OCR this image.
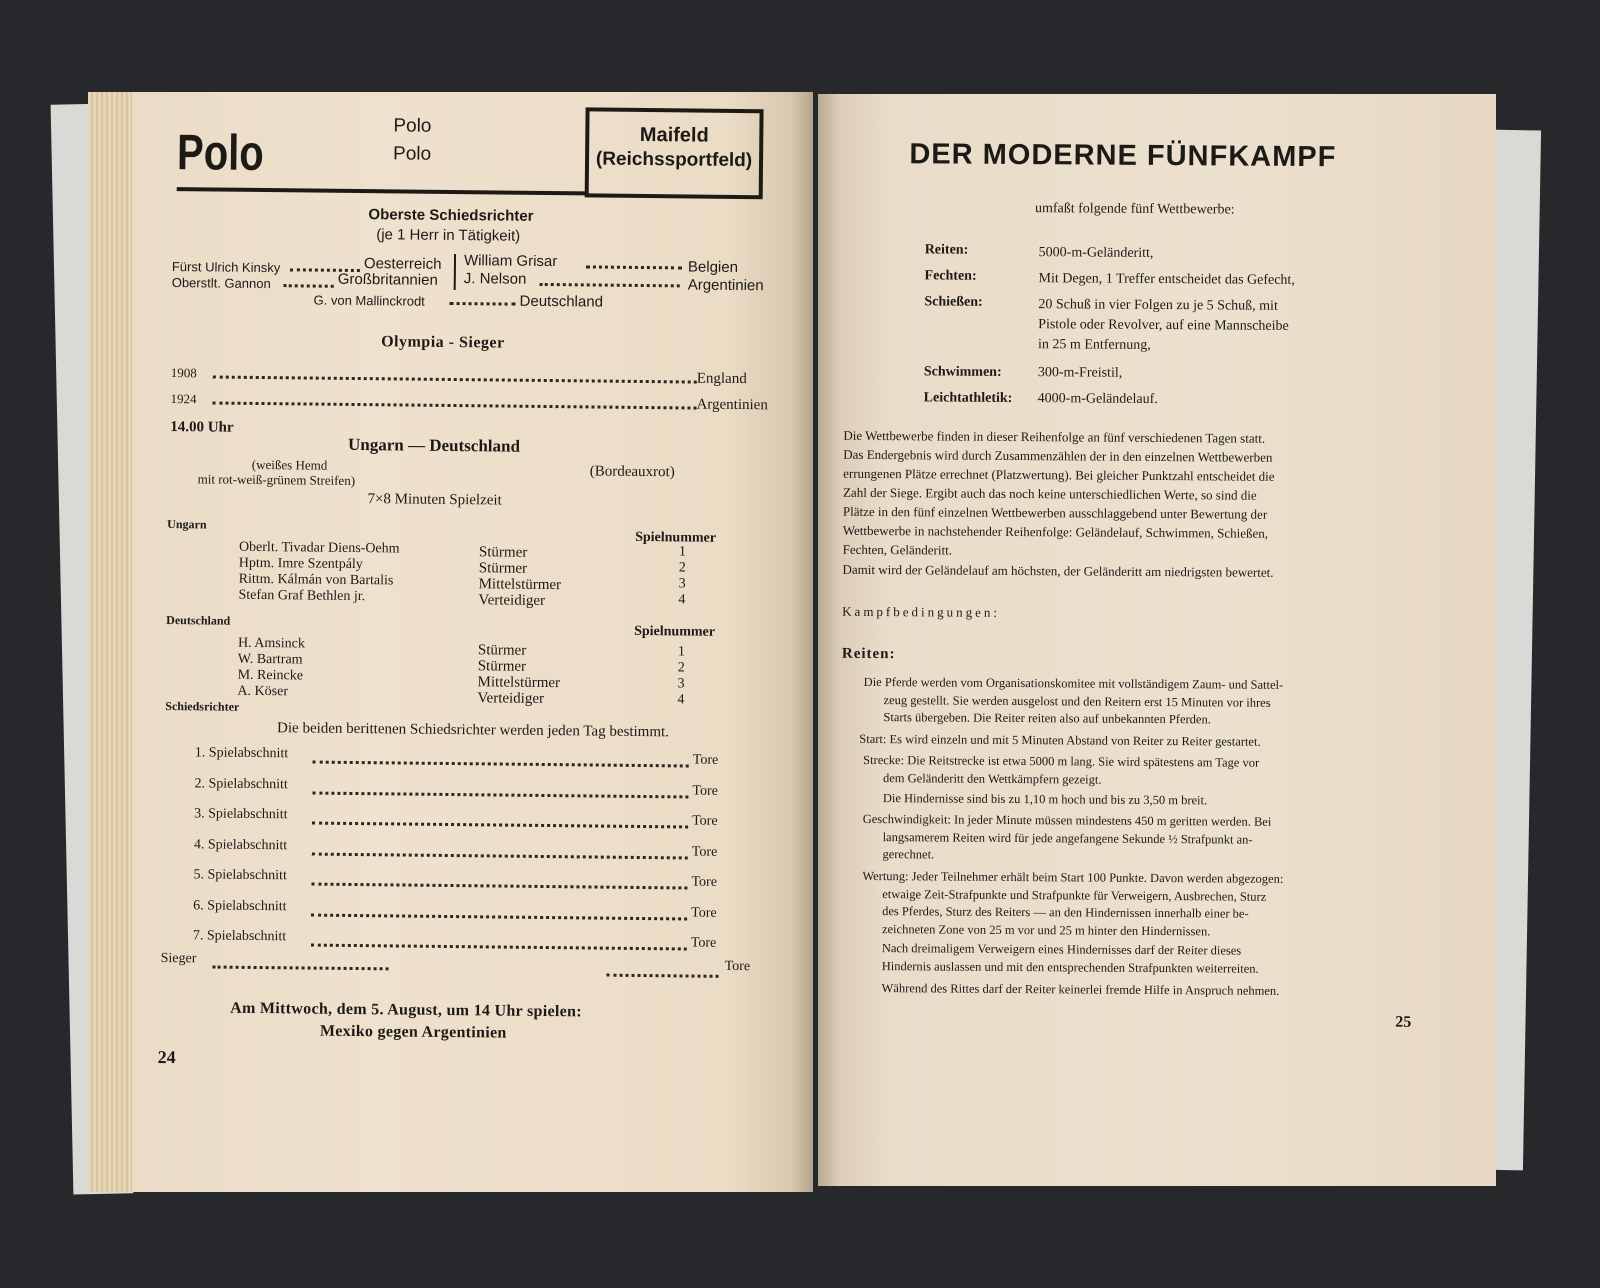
Polo	Polo
Polo
Maifeld
(Reichssportfeld)
Oberste Schiedsrichter
(je 1 Herr in Tätigkeit)
Fürst Ulrich Kinsky	Oesterreich
Oberstlt. Gannon	Großbritannien
William Grisar	Belgien
J. Nelson	Argentinien
G. von Mallinckrodt	Deutschland
Olympia - Sieger
1908	England
1924	Argentinien
14.00 Uhr
Ungarn — Deutschland
(weißes Hemd
mit rot-weiß-grünem Streifen)	(Bordeauxrot)
7×8 Minuten Spielzeit
Ungarn
Spielnummer
Oberlt. Tivadar Diens-Oehm	Stürmer	1
Hptm. Imre Szentpály	Stürmer	2
Rittm. Kálmán von Bartalis	Mittelstürmer	3
Stefan Graf Bethlen jr.	Verteidiger	4
Deutschland
Spielnummer
H. Amsinck	Stürmer	1
W. Bartram	Stürmer	2
M. Reincke	Mittelstürmer	3
A. Köser	Verteidiger	4
Schiedsrichter
Die beiden berittenen Schiedsrichter werden jeden Tag bestimmt.
1. Spielabschnitt	Tore
2. Spielabschnitt	Tore
3. Spielabschnitt	Tore
4. Spielabschnitt	Tore
5. Spielabschnitt	Tore
6. Spielabschnitt	Tore
7. Spielabschnitt	Tore
Sieger
Tore
Am Mittwoch, dem 5. August, um 14 Uhr spielen:
Mexiko gegen Argentinien
24
DER MODERNE FÜNFKAMPF
umfaßt folgende fünf Wettbewerbe:
Reiten:	5000-m-Geländeritt,
Fechten:	Mit Degen, 1 Treffer entscheidet das Gefecht,
Schießen:	20 Schuß in vier Folgen zu je 5 Schuß, mit
Pistole oder Revolver, auf eine Mannscheibe
in 25 m Entfernung,
Schwimmen:	300-m-Freistil,
Leichtathletik: 4000-m-Geländelauf.
Die Wettbewerbe finden in dieser Reihenfolge an fünf verschiedenen Tagen statt.
Das Endergebnis wird durch Zusammenzählen der in den einzelnen Wettbewerben
errungenen Plätze errechnet (Platzwertung). Bei gleicher Punktzahl entscheidet die
Zahl der Siege. Ergibt auch das noch keine unterschiedlichen Werte, so sind die
Plätze in den fünf einzelnen Wettbewerben ausschlaggebend unter Bewertung der
Wettbewerbe in nachstehender Reihenfolge: Geländelauf, Schwimmen, Schießen,
Fechten, Geländeritt.
Damit wird der Geländelauf am höchsten, der Geländeritt am niedrigsten bewertet.
Kampfbedingungen:
Reiten:
Die Pferde werden vom Organisationskomitee mit vollständigem Zaum- und Sattel-
zeug gestellt. Sie werden ausgelost und den Reitern erst 15 Minuten vor ihres
Starts übergeben. Die Reiter reiten also auf unbekannten Pferden.
Start: Es wird einzeln und mit 5 Minuten Abstand von Reiter zu Reiter gestartet.
Strecke: Die Reitstrecke ist etwa 5000 m lang. Sie wird spätestens am Tage vor
dem Geländeritt den Wettkämpfern gezeigt.
Die Hindernisse sind bis zu 1,10 m hoch und bis zu 3,50 m breit.
Geschwindigkeit: In jeder Minute müssen mindestens 450 m geritten werden. Bei
langsamerem Reiten wird für jede angefangene Sekunde ½ Strafpunkt an-
gerechnet.
Wertung: Jeder Teilnehmer erhält beim Start 100 Punkte. Davon werden abgezogen:
etwaige Zeit-Strafpunkte und Strafpunkte für Verweigern, Ausbrechen, Sturz
des Pferdes, Sturz des Reiters — an den Hindernissen innerhalb einer be-
zeichneten Zone von 25 m vor und 25 m hinter den Hindernissen.
Nach dreimaligem Verweigern eines Hindernisses darf der Reiter dieses
Hindernis auslassen und mit den entsprechenden Strafpunkten weiterreiten.
Während des Rittes darf der Reiter keinerlei fremde Hilfe in Anspruch nehmen.
25
